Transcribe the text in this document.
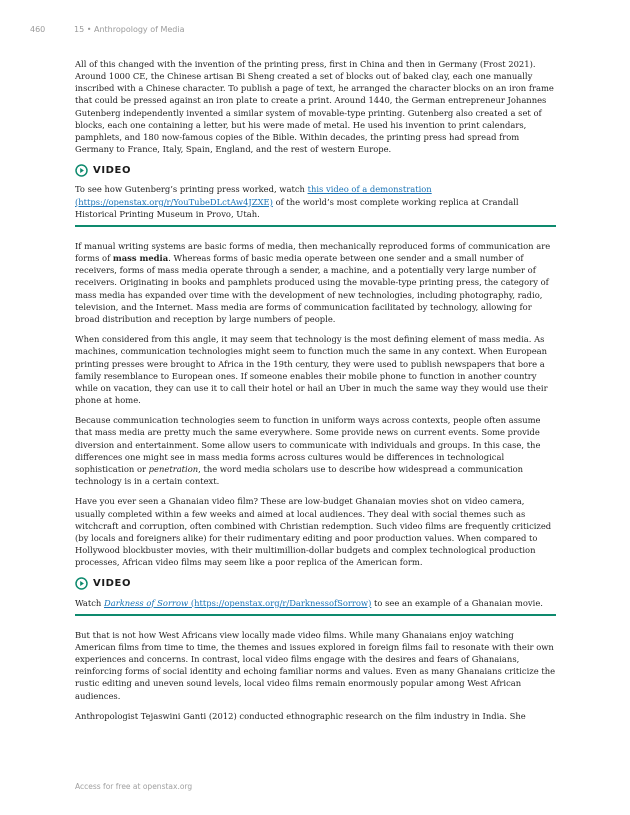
460	15 • Anthropology of Media

All of this changed with the invention of the printing press, first in China and then in Germany (Frost 2021). Around 1000 CE, the Chinese artisan Bi Sheng created a set of blocks out of baked clay, each one manually inscribed with a Chinese character. To publish a page of text, he arranged the character blocks on an iron frame that could be pressed against an iron plate to create a print. Around 1440, the German entrepreneur Johannes Gutenberg independently invented a similar system of movable-type printing. Gutenberg also created a set of blocks, each one containing a letter, but his were made of metal. He used his invention to print calendars, pamphlets, and 180 now-famous copies of the Bible. Within decades, the printing press had spread from Germany to France, Italy, Spain, England, and the rest of western Europe.

VIDEO

To see how Gutenberg’s printing press worked, watch this video of a demonstration (https://openstax.org/r/YouTubeDLctAw4JZXE) of the world’s most complete working replica at Crandall Historical Printing Museum in Provo, Utah.

If manual writing systems are basic forms of media, then mechanically reproduced forms of communication are forms of mass media. Whereas forms of basic media operate between one sender and a small number of receivers, forms of mass media operate through a sender, a machine, and a potentially very large number of receivers. Originating in books and pamphlets produced using the movable-type printing press, the category of mass media has expanded over time with the development of new technologies, including photography, radio, television, and the Internet. Mass media are forms of communication facilitated by technology, allowing for broad distribution and reception by large numbers of people.

When considered from this angle, it may seem that technology is the most defining element of mass media. As machines, communication technologies might seem to function much the same in any context. When European printing presses were brought to Africa in the 19th century, they were used to publish newspapers that bore a family resemblance to European ones. If someone enables their mobile phone to function in another country while on vacation, they can use it to call their hotel or hail an Uber in much the same way they would use their phone at home.

Because communication technologies seem to function in uniform ways across contexts, people often assume that mass media are pretty much the same everywhere. Some provide news on current events. Some provide diversion and entertainment. Some allow users to communicate with individuals and groups. In this case, the differences one might see in mass media forms across cultures would be differences in technological sophistication or penetration, the word media scholars use to describe how widespread a communication technology is in a certain context.

Have you ever seen a Ghanaian video film? These are low-budget Ghanaian movies shot on video camera, usually completed within a few weeks and aimed at local audiences. They deal with social themes such as witchcraft and corruption, often combined with Christian redemption. Such video films are frequently criticized (by locals and foreigners alike) for their rudimentary editing and poor production values. When compared to Hollywood blockbuster movies, with their multimillion-dollar budgets and complex technological production processes, African video films may seem like a poor replica of the American form.

VIDEO

Watch Darkness of Sorrow (https://openstax.org/r/DarknessofSorrow) to see an example of a Ghanaian movie.

But that is not how West Africans view locally made video films. While many Ghanaians enjoy watching American films from time to time, the themes and issues explored in foreign films fail to resonate with their own experiences and concerns. In contrast, local video films engage with the desires and fears of Ghanaians, reinforcing forms of social identity and echoing familiar norms and values. Even as many Ghanaians criticize the rustic editing and uneven sound levels, local video films remain enormously popular among West African audiences.

Anthropologist Tejaswini Ganti (2012) conducted ethnographic research on the film industry in India. She

Access for free at openstax.org
